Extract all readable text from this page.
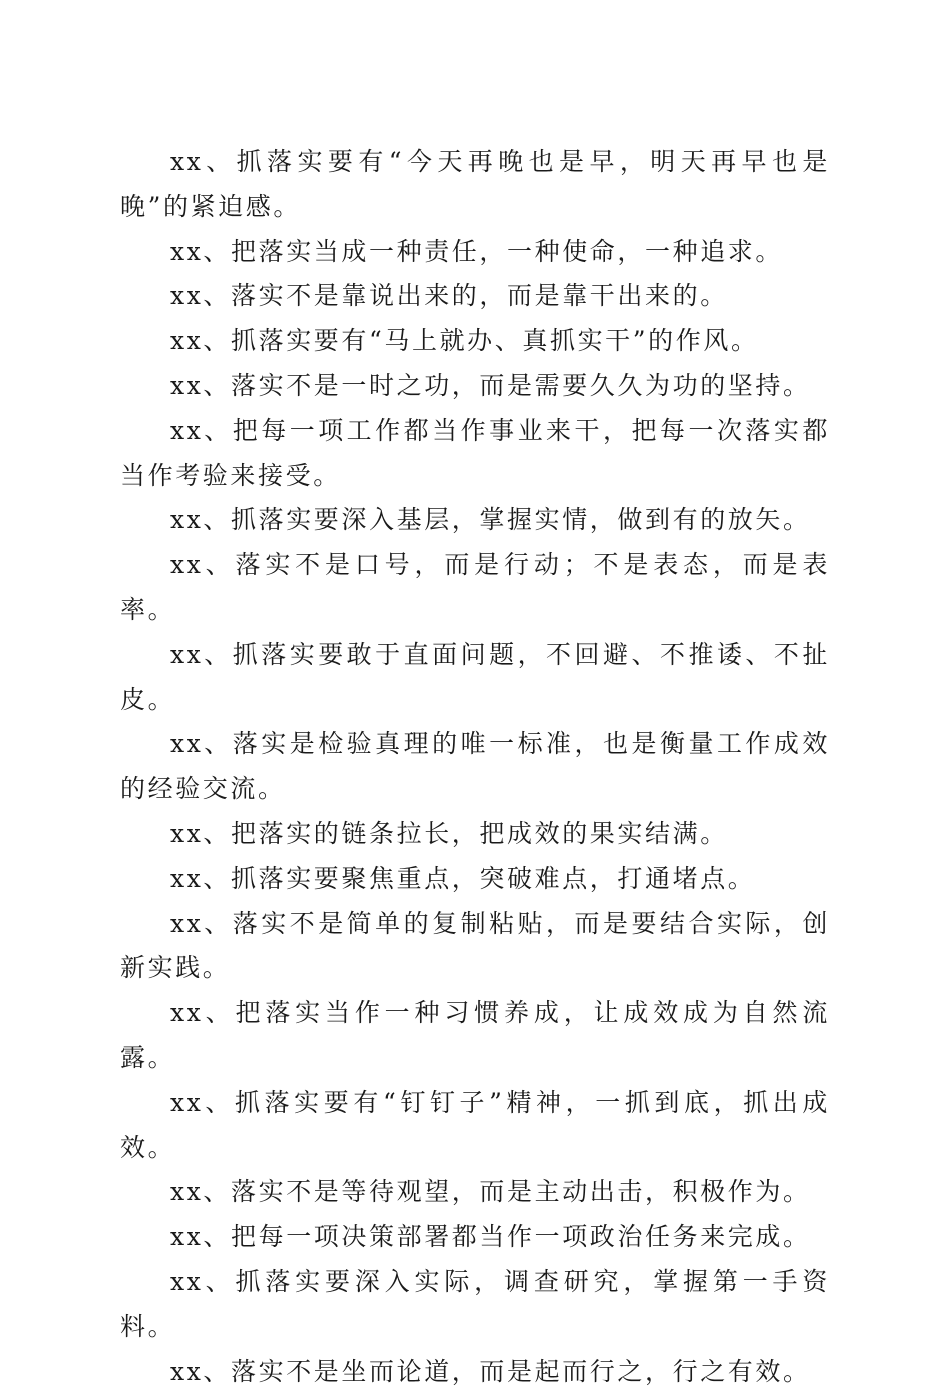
xx、抓落实要有“今天再晚也是早，明天再早也是晚”的紧迫感。

xx、把落实当成一种责任，一种使命，一种追求。

xx、落实不是靠说出来的，而是靠干出来的。

xx、抓落实要有“马上就办、真抓实干”的作风。

xx、落实不是一时之功，而是需要久久为功的坚持。

xx、把每一项工作都当作事业来干，把每一次落实都当作考验来接受。

xx、抓落实要深入基层，掌握实情，做到有的放矢。

xx、落实不是口号，而是行动；不是表态，而是表率。

xx、抓落实要敢于直面问题，不回避、不推诿、不扯皮。

xx、落实是检验真理的唯一标准，也是衡量工作成效的经验交流。

xx、把落实的链条拉长，把成效的果实结满。

xx、抓落实要聚焦重点，突破难点，打通堵点。

xx、落实不是简单的复制粘贴，而是要结合实际，创新实践。

xx、把落实当作一种习惯养成，让成效成为自然流露。

xx、抓落实要有“钉钉子”精神，一抓到底，抓出成效。

xx、落实不是等待观望，而是主动出击，积极作为。

xx、把每一项决策部署都当作一项政治任务来完成。

xx、抓落实要深入实际，调查研究，掌握第一手资料。

xx、落实不是坐而论道，而是起而行之，行之有效。
